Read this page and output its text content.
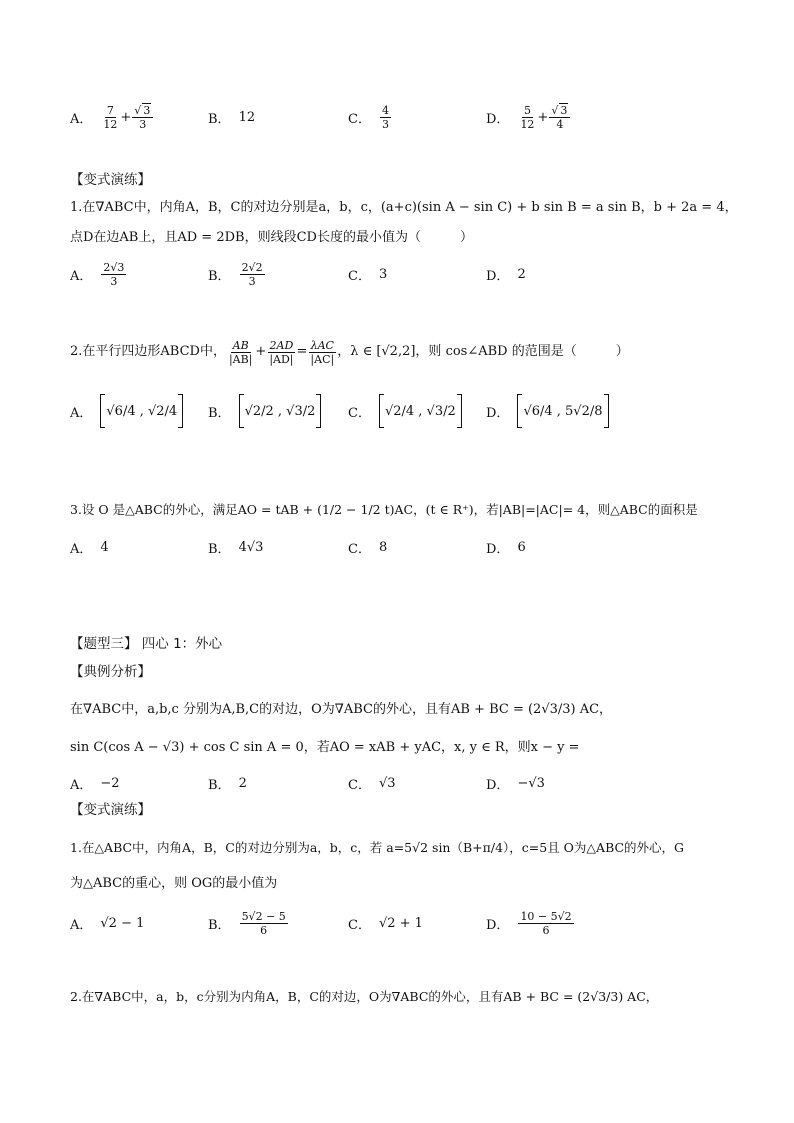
A． $\frac{7}{12} + \frac{√ 3}{3}$	B． 12	C． $\frac{4}{3}$	D． $\frac{5}{12} + \frac{√ 3}{4}$
【变式演练】
1.在∇ABC中，内角A，B，C的对边分别是a，b，c，(a+c)(sin A − sin C) + b sin B = a sin B，b + 2a = 4，
点D在边AB上，且AD = 2DB，则线段CD长度的最小值为（　　　）
A． $\frac{2√3}{3}$	B． $\frac{2√2}{3}$	C． 3	D． 2
2.在平行四边形ABCD中， $\frac{AB}{|AB|} + \frac{2AD}{|AD|} = \frac{\text{λAC}}{|AC|}$ ，λ ∈ [√2,2]，则 cos∠ABD 的范围是（　　　）
A．	√6/4 , √2/4	B．	√2/2 , √3/2	C．	√2/4 , √3/2	D．	√6/4 , 5√2/8
3.设 O 是△ABC的外心，满足AO = tAB + (1/2 − 1/2 t)AC，(t ∈ R⁺)，若|AB|=|AC|= 4，则△ABC的面积是
A． 4	B． 4√3	C． 8	D． 6
【题型三】 四心 1：外心
【典例分析】
在∇ABC中，a,b,c 分别为A,B,C的对边，O为∇ABC的外心，且有AB + BC = (2√3/3) AC，
sin C(cos A − √3) + cos C sin A = 0，若AO = xAB + yAC，x, y ∈ R，则x − y =
A． −2	B． 2	C． √3	D． −√3
【变式演练】
1.在△ABC中，内角A，B，C的对边分别为a，b，c，若 a=5√2 sin（B+π/4），c=5且 O为△ABC的外心，G
为△ABC的重心，则 OG的最小值为
A． √2 − 1	B． $\frac{5√2 - 5}{6}$	C． √2 + 1	D． $\frac{10 - 5√2}{6}$
2.在∇ABC中，a，b，c分别为内角A，B，C的对边，O为∇ABC的外心，且有AB + BC = (2√3/3) AC，
